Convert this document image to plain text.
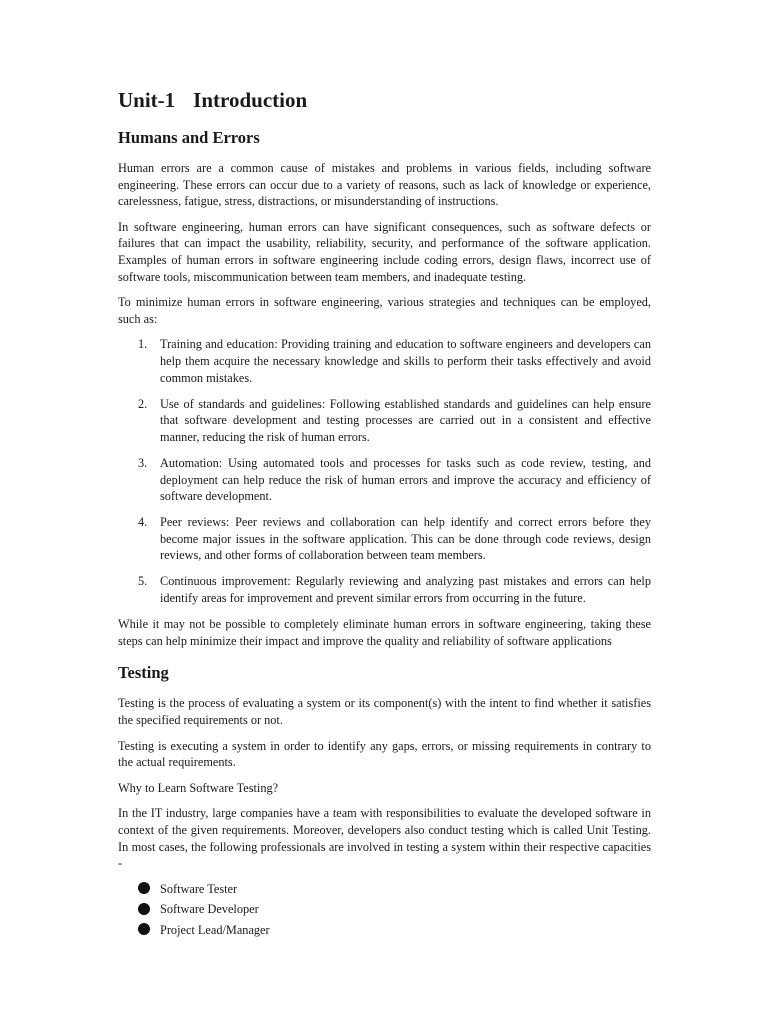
Unit-1 Introduction
Humans and Errors

Human errors are a common cause of mistakes and problems in various fields, including software engineering. These errors can occur due to a variety of reasons, such as lack of knowledge or experience, carelessness, fatigue, stress, distractions, or misunderstanding of instructions.

In software engineering, human errors can have significant consequences, such as software defects or failures that can impact the usability, reliability, security, and performance of the software application. Examples of human errors in software engineering include coding errors, design flaws, incorrect use of software tools, miscommunication between team members, and inadequate testing.

To minimize human errors in software engineering, various strategies and techniques can be employed, such as:

1. Training and education: Providing training and education to software engineers and developers can help them acquire the necessary knowledge and skills to perform their tasks effectively and avoid common mistakes.
2. Use of standards and guidelines: Following established standards and guidelines can help ensure that software development and testing processes are carried out in a consistent and effective manner, reducing the risk of human errors.
3. Automation: Using automated tools and processes for tasks such as code review, testing, and deployment can help reduce the risk of human errors and improve the accuracy and efficiency of software development.
4. Peer reviews: Peer reviews and collaboration can help identify and correct errors before they become major issues in the software application. This can be done through code reviews, design reviews, and other forms of collaboration between team members.
5. Continuous improvement: Regularly reviewing and analyzing past mistakes and errors can help identify areas for improvement and prevent similar errors from occurring in the future.

While it may not be possible to completely eliminate human errors in software engineering, taking these steps can help minimize their impact and improve the quality and reliability of software applications

Testing

Testing is the process of evaluating a system or its component(s) with the intent to find whether it satisfies the specified requirements or not.

Testing is executing a system in order to identify any gaps, errors, or missing requirements in contrary to the actual requirements.

Why to Learn Software Testing?

In the IT industry, large companies have a team with responsibilities to evaluate the developed software in context of the given requirements. Moreover, developers also conduct testing which is called Unit Testing. In most cases, the following professionals are involved in testing a system within their respective capacities -

Software Tester
Software Developer
Project Lead/Manager
